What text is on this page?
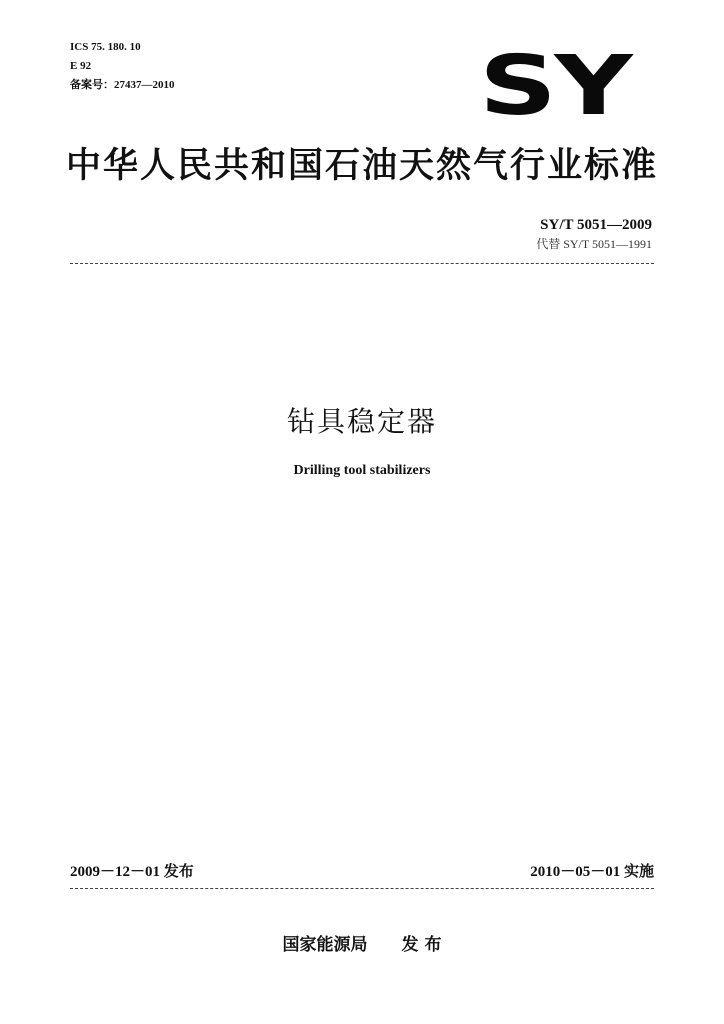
ICS 75. 180. 10
E 92
备案号：27437—2010	SY
中华人民共和国石油天然气行业标准
SY/T 5051—2009
代替 SY/T 5051—1991
钻具稳定器
Drilling tool stabilizers
2009－12－01 发布	2010－05－01 实施
国家能源局 发 布
